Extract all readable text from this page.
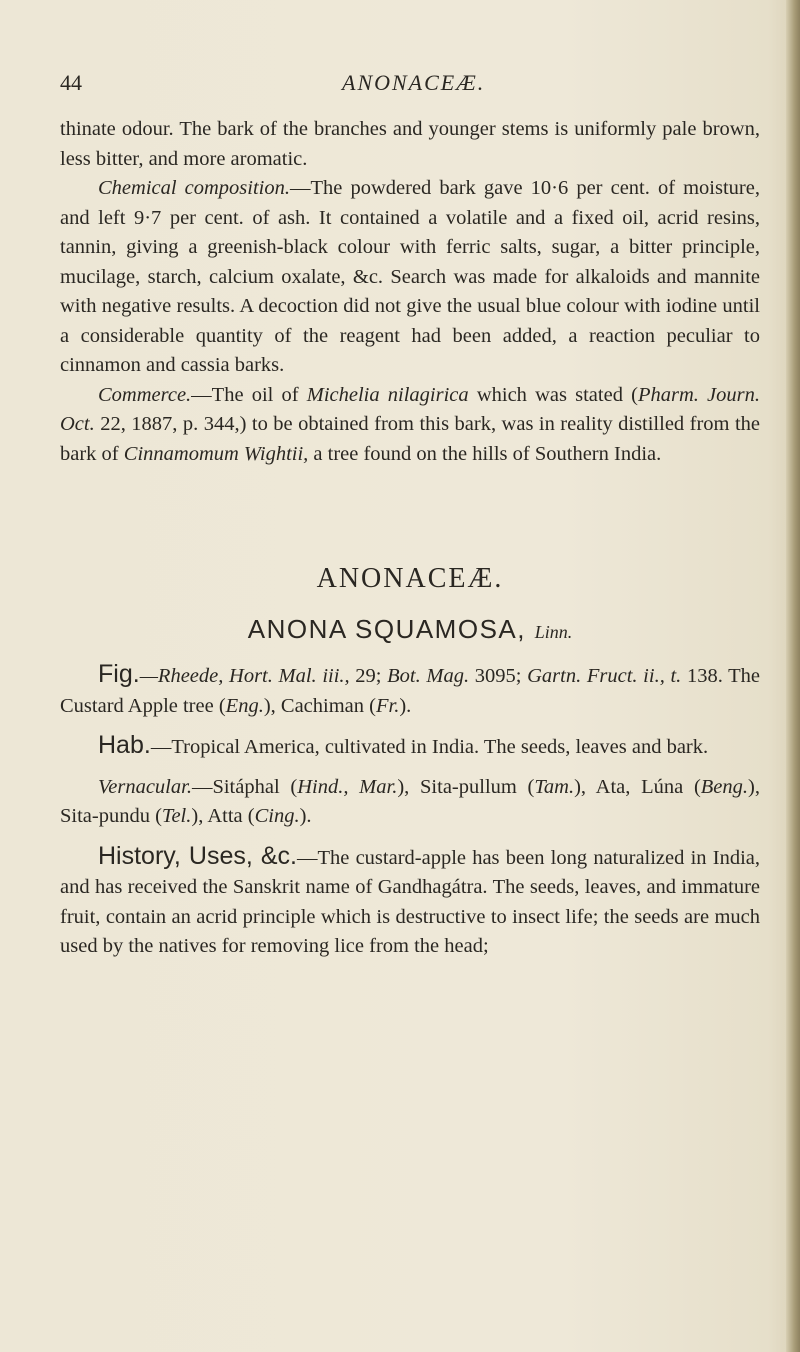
44	ANONACEÆ.

thinate odour. The bark of the branches and younger stems is uniformly pale brown, less bitter, and more aromatic.

Chemical composition.—The powdered bark gave 10·6 per cent. of moisture, and left 9·7 per cent. of ash. It contained a volatile and a fixed oil, acrid resins, tannin, giving a greenish-black colour with ferric salts, sugar, a bitter principle, mucilage, starch, calcium oxalate, &c. Search was made for alkaloids and mannite with negative results. A decoction did not give the usual blue colour with iodine until a considerable quantity of the reagent had been added, a reaction peculiar to cinnamon and cassia barks.

Commerce.—The oil of Michelia nilagirica which was stated (Pharm. Journ. Oct. 22, 1887, p. 344,) to be obtained from this bark, was in reality distilled from the bark of Cinnamomum Wightii, a tree found on the hills of Southern India.

ANONACEÆ.
ANONA SQUAMOSA, Linn.

Fig.—Rheede, Hort. Mal. iii., 29; Bot. Mag. 3095; Gartn. Fruct. ii., t. 138. The Custard Apple tree (Eng.), Cachiman (Fr.).

Hab.—Tropical America, cultivated in India. The seeds, leaves and bark.

Vernacular.—Sitáphal (Hind., Mar.), Sita-pullum (Tam.), Ata, Lúna (Beng.), Sita-pundu (Tel.), Atta (Cing.).

History, Uses, &c.—The custard-apple has been long naturalized in India, and has received the Sanskrit name of Gandhagátra. The seeds, leaves, and immature fruit, contain an acrid principle which is destructive to insect life; the seeds are much used by the natives for removing lice from the head;
